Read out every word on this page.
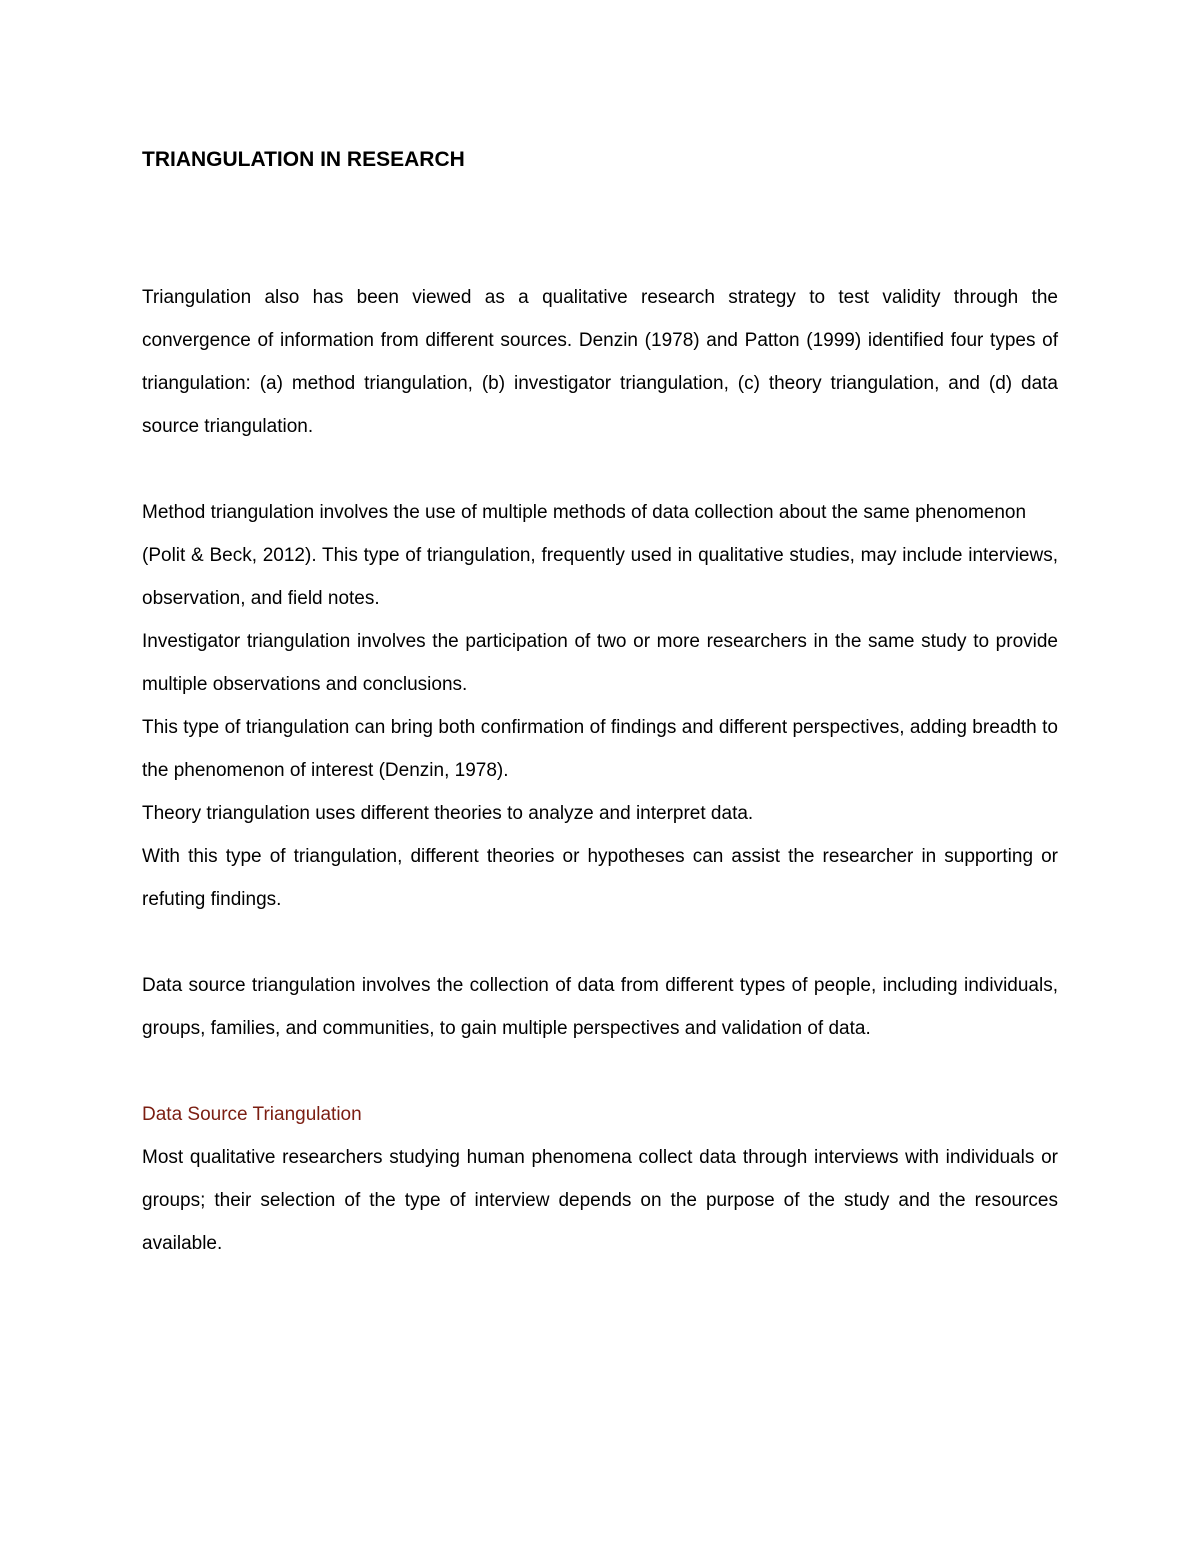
TRIANGULATION IN RESEARCH

Triangulation also has been viewed as a qualitative research strategy to test validity through the convergence of information from different sources. Denzin (1978) and Patton (1999) identified four types of triangulation: (a) method triangulation, (b) investigator triangulation, (c) theory triangulation, and (d) data source triangulation.

Method triangulation involves the use of multiple methods of data collection about the same phenomenon

(Polit & Beck, 2012). This type of triangulation, frequently used in qualitative studies, may include interviews, observation, and field notes.

Investigator triangulation involves the participation of two or more researchers in the same study to provide multiple observations and conclusions.

This type of triangulation can bring both confirmation of findings and different perspectives, adding breadth to the phenomenon of interest (Denzin, 1978).

Theory triangulation uses different theories to analyze and interpret data.

With this type of triangulation, different theories or hypotheses can assist the researcher in supporting or refuting findings.

Data source triangulation involves the collection of data from different types of people, including individuals, groups, families, and communities, to gain multiple perspectives and validation of data.

Data Source Triangulation

Most qualitative researchers studying human phenomena collect data through interviews with individuals or groups; their selection of the type of interview depends on the purpose of the study and the resources available.
